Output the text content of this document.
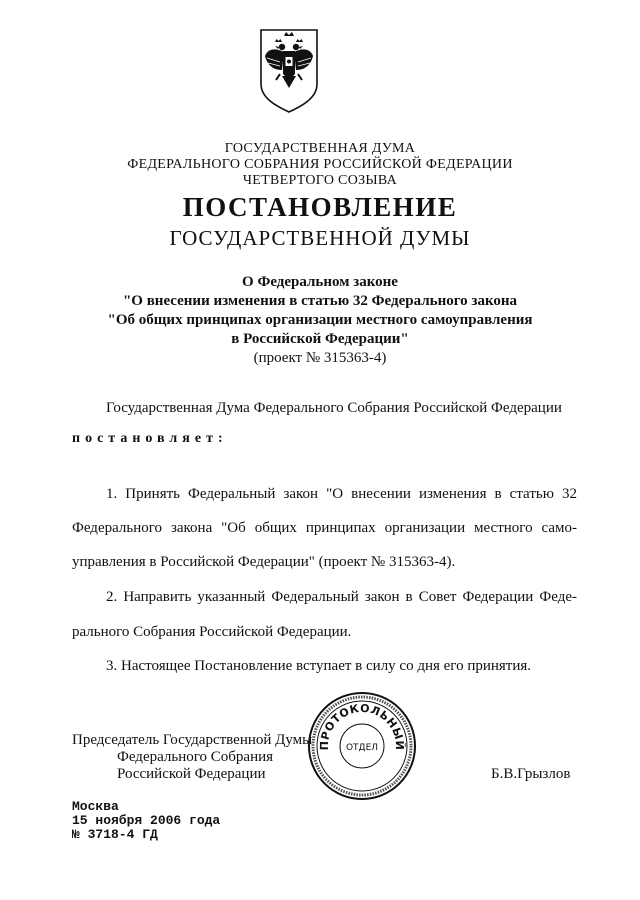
ГОСУДАРСТВЕННАЯ ДУМА
ФЕДЕРАЛЬНОГО СОБРАНИЯ РОССИЙСКОЙ ФЕДЕРАЦИИ
ЧЕТВЕРТОГО СОЗЫВА
ПОСТАНОВЛЕНИЕ
ГОСУДАРСТВЕННОЙ ДУМЫ
О Федеральном законе
"О внесении изменения в статью 32 Федерального закона
"Об общих принципах организации местного самоуправления
в Российской Федерации"
(проект № 315363-4)
Государственная Дума Федерального Собрания Российской Федерации
постановляет:
1. Принять Федеральный закон "О внесении изменения в статью 32
Федерального закона "Об общих принципах организации местного само-
управления в Российской Федерации" (проект № 315363-4).
2. Направить указанный Федеральный закон в Совет Федерации Феде-
рального Собрания Российской Федерации.
3. Настоящее Постановление вступает в силу со дня его принятия.
Председатель Государственной Думы
Федерального Собрания
Российской Федерации	Б.В.Грызлов
ПРОТОКОЛЬНЫЙ
ОТДЕЛ
Москва
15 ноября 2006 года
№ 3718-4 ГД
